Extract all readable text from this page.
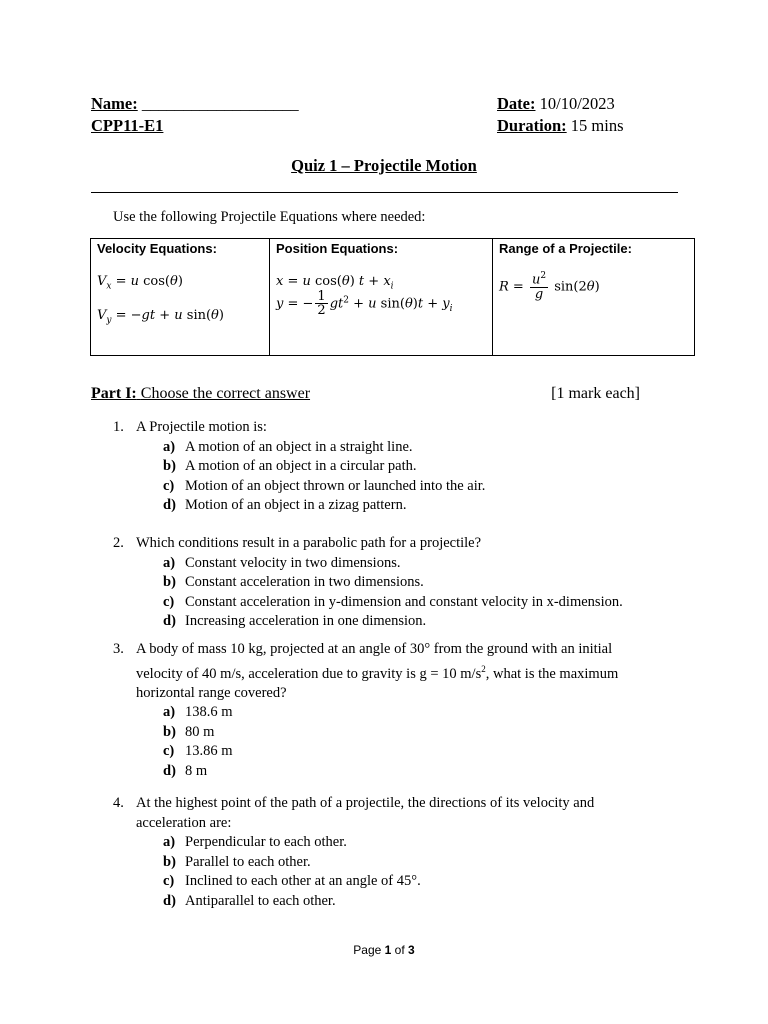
Name: ___________________
CPP11-E1
Date: 10/10/2023
Duration: 15 mins
Quiz 1 – Projectile Motion
Use the following Projectile Equations where needed:
Velocity Equations:
$V_x = u$ cos(θ)
$V_y = -gt + u$ sin(θ)

Position Equations:
x = u cos(θ) $t + x_i$
y = − $\frac{1}{2} gt^2 + u$ $\sin(\theta)t + y_i$

Range of a Projectile:
$R = \frac{u^2}{g} \sin(2\theta)$
Part I: Choose the correct answer	[1 mark each]
1. A Projectile motion is:
a) A motion of an object in a straight line.
b) A motion of an object in a circular path.
c) Motion of an object thrown or launched into the air.
d) Motion of an object in a zizag pattern.
2. Which conditions result in a parabolic path for a projectile?
a) Constant velocity in two dimensions.
b) Constant acceleration in two dimensions.
c) Constant acceleration in y-dimension and constant velocity in x-dimension.
d) Increasing acceleration in one dimension.
3. A body of mass 10 kg, projected at an angle of 30° from the ground with an initial velocity of 40 m/s, acceleration due to gravity is g = 10 $m/s^2$, what is the maximum horizontal range covered?
a) 138.6 m
b) 80 m
c) 13.86 m
d) 8 m
4. At the highest point of the path of a projectile, the directions of its velocity and acceleration are:
a) Perpendicular to each other.
b) Parallel to each other.
c) Inclined to each other at an angle of 45°.
d) Antiparallel to each other.
Page 1 of 3
